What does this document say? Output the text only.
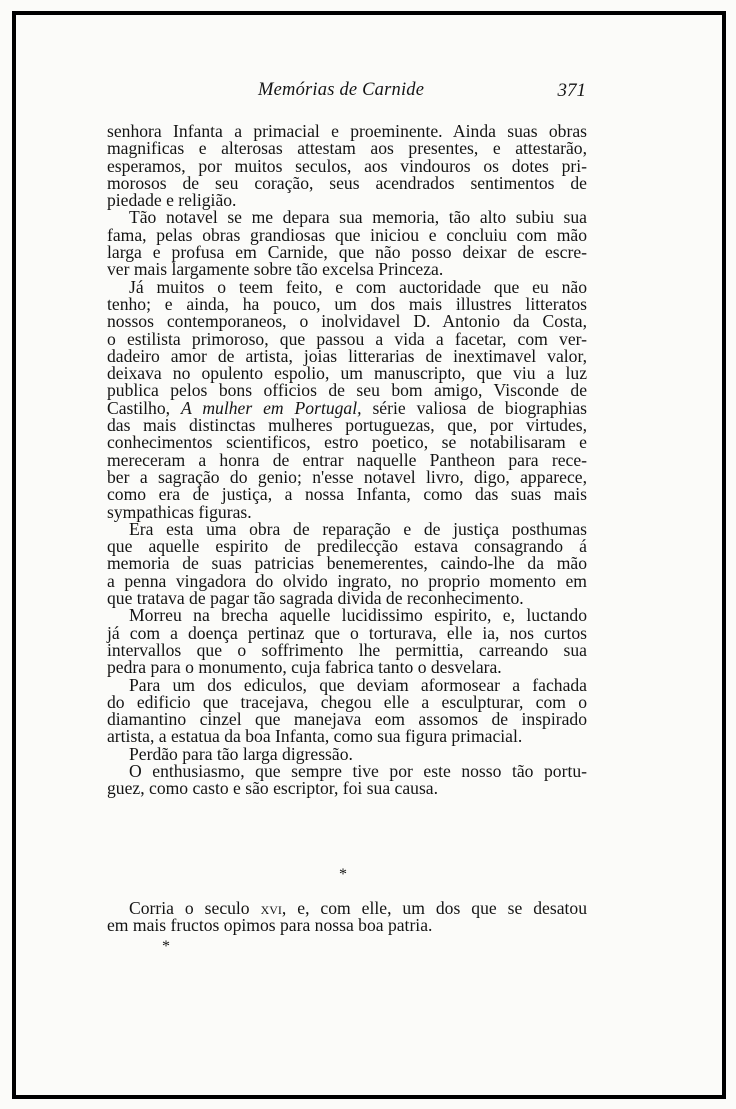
Memórias de Carnide	371
senhora Infanta a primacial e proeminente. Ainda suas obras
magnificas e alterosas attestam aos presentes, e attestarão,
esperamos, por muitos seculos, aos vindouros os dotes pri-
morosos de seu coração, seus acendrados sentimentos de
piedade e religião.
Tão notavel se me depara sua memoria, tão alto subiu sua
fama, pelas obras grandiosas que iniciou e concluiu com mão
larga e profusa em Carnide, que não posso deixar de escre-
ver mais largamente sobre tão excelsa Princeza.
Já muitos o teem feito, e com auctoridade que eu não
tenho; e ainda, ha pouco, um dos mais illustres litteratos
nossos contemporaneos, o inolvidavel D. Antonio da Costa,
o estilista primoroso, que passou a vida a facetar, com ver-
dadeiro amor de artista, joias litterarias de inextimavel valor,
deixava no opulento espolio, um manuscripto, que viu a luz
publica pelos bons officios de seu bom amigo, Visconde de
Castilho, A mulher em Portugal, série valiosa de biographias
das mais distinctas mulheres portuguezas, que, por virtudes,
conhecimentos scientificos, estro poetico, se notabilisaram e
mereceram a honra de entrar naquelle Pantheon para rece-
ber a sagração do genio; n'esse notavel livro, digo, apparece,
como era de justiça, a nossa Infanta, como das suas mais
sympathicas figuras.
Era esta uma obra de reparação e de justiça posthumas
que aquelle espirito de predilecção estava consagrando á
memoria de suas patricias benemerentes, caindo-lhe da mão
a penna vingadora do olvido ingrato, no proprio momento em
que tratava de pagar tão sagrada divida de reconhecimento.
Morreu na brecha aquelle lucidissimo espirito, e, luctando
já com a doença pertinaz que o torturava, elle ia, nos curtos
intervallos que o soffrimento lhe permittia, carreando sua
pedra para o monumento, cuja fabrica tanto o desvelara.
Para um dos ediculos, que deviam aformosear a fachada
do edificio que tracejava, chegou elle a esculpturar, com o
diamantino cinzel que manejava eom assomos de inspirado
artista, a estatua da boa Infanta, como sua figura primacial.
Perdão para tão larga digressão.
O enthusiasmo, que sempre tive por este nosso tão portu-
guez, como casto e são escriptor, foi sua causa.
*
Corria o seculo xvi, e, com elle, um dos que se desatou
em mais fructos opimos para nossa boa patria.
*
